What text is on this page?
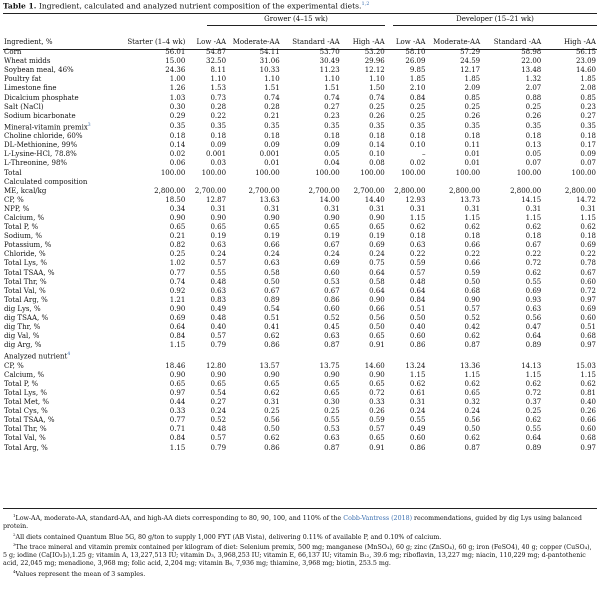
Table 1. Ingredient, calculated and analyzed nutrient composition of the experimental diets.$^{1,2}$
Grower (4–15 wk)	Developer (15–21 wk)
Ingredient, %	Starter (1–4 wk)	Low -AA	Moderate-AA	Standard -AA	High -AA	Low -AA	Moderate-AA	Standard -AA	High -AA
Corn	56.01	54.87	54.11	53.70	53.20	58.10	57.29	58.98	56.15
Wheat midds	15.00	32.50	31.06	30.49	29.96	26.09	24.59	22.00	23.09
Soybean meal, 46%	24.36	8.11	10.33	11.23	12.12	9.85	12.17	13.48	14.60
Poultry fat	1.00	1.10	1.10	1.10	1.10	1.85	1.85	1.32	1.85
Limestone fine	1.26	1.53	1.51	1.51	1.50	2.10	2.09	2.07	2.08
Dicalcium phosphate	1.03	0.73	0.74	0.74	0.74	0.84	0.85	0.88	0.85
Salt (NaCl)	0.30	0.28	0.28	0.27	0.25	0.25	0.25	0.25	0.23
Sodium bicarbonate	0.29	0.22	0.21	0.23	0.26	0.25	0.26	0.26	0.27
Mineral-vitamin premix$^3$	0.35	0.35	0.35	0.35	0.35	0.35	0.35	0.35	0.35
Choline chloride, 60%	0.18	0.18	0.18	0.18	0.18	0.18	0.18	0.18	0.18
DL-Methionine, 99%	0.14	0.09	0.09	0.09	0.14	0.10	0.11	0.13	0.17
L-Lysine-HCl, 78.8%	0.02	0.001	0.001	0.05	0.10	–	0.01	0.05	0.09
L-Threonine, 98%	0.06	0.03	0.01	0.04	0.08	0.02	0.01	0.07	0.07
Total	100.00	100.00	100.00	100.00	100.00	100.00	100.00	100.00	100.00
Calculated composition									
ME, kcal/kg	2,800.00	2,700.00	2,700.00	2,700.00	2,700.00	2,800.00	2,800.00	2,800.00	2,800.00
CP, %	18.50	12.87	13.63	14.00	14.40	12.93	13.73	14.15	14.72
NPP, %	0.34	0.31	0.31	0.31	0.31	0.31	0.31	0.31	0.31
Calcium, %	0.90	0.90	0.90	0.90	0.90	1.15	1.15	1.15	1.15
Total P, %	0.65	0.65	0.65	0.65	0.65	0.62	0.62	0.62	0.62
Sodium, %	0.21	0.19	0.19	0.19	0.19	0.18	0.18	0.18	0.18
Potassium, %	0.82	0.63	0.66	0.67	0.69	0.63	0.66	0.67	0.69
Chloride, %	0.25	0.24	0.24	0.24	0.24	0.22	0.22	0.22	0.22
Total Lys, %	1.02	0.57	0.63	0.69	0.75	0.59	0.66	0.72	0.78
Total TSAA, %	0.77	0.55	0.58	0.60	0.64	0.57	0.59	0.62	0.67
Total Thr, %	0.74	0.48	0.50	0.53	0.58	0.48	0.50	0.55	0.60
Total Val, %	0.92	0.63	0.67	0.67	0.64	0.64	0.68	0.69	0.72
Total Arg, %	1.21	0.83	0.89	0.86	0.90	0.84	0.90	0.93	0.97
dig Lys, %	0.90	0.49	0.54	0.60	0.66	0.51	0.57	0.63	0.69
dig TSAA, %	0.69	0.48	0.51	0.52	0.56	0.50	0.52	0.56	0.60
dig Thr, %	0.64	0.40	0.41	0.45	0.50	0.40	0.42	0.47	0.51
dig Val, %	0.84	0.57	0.62	0.63	0.65	0.60	0.62	0.64	0.68
dig Arg, %	1.15	0.79	0.86	0.87	0.91	0.86	0.87	0.89	0.97
Analyzed nutrient$^4$
CP, %	18.46	12.80	13.57	13.75	14.60	13.24	13.36	14.13	15.03
Calcium, %	0.90	0.90	0.90	0.90	0.90	1.15	1.15	1.15	1.15
Total P, %	0.65	0.65	0.65	0.65	0.65	0.62	0.62	0.62	0.62
Total Lys, %	0.97	0.54	0.62	0.65	0.72	0.61	0.65	0.72	0.81
Total Met, %	0.44	0.27	0.31	0.30	0.33	0.31	0.32	0.37	0.40
Total Cys, %	0.33	0.24	0.25	0.25	0.26	0.24	0.24	0.25	0.26
Total TSAA, %	0.77	0.52	0.56	0.55	0.59	0.55	0.56	0.62	0.66
Total Thr, %	0.71	0.48	0.50	0.53	0.57	0.49	0.50	0.55	0.60
Total Val, %	0.84	0.57	0.62	0.63	0.65	0.60	0.62	0.64	0.68
Total Arg, %	1.15	0.79	0.86	0.87	0.91	0.86	0.87	0.89	0.97

$^1$Low-AA, moderate-AA, standard-AA, and high-AA diets corresponding to 80, 90, 100, and 110% of the Cobb-Vantress (2018) recommendations, guided by dig Lys using balanced protein.

$^2$All diets contained Quantum Blue 5G, 80 g/ton to supply 1,000 FYT (AB Vista), delivering 0.11% of available P, and 0.10% of calcium.

$^3$The trace mineral and vitamin premix contained per kilogram of diet: Selenium premix, 500 mg; manganese (MnSO₄), 60 g; zinc (ZnSO₄), 60 g; iron (FeSO4), 40 g; copper (CuSO₄), 5 g; iodine (Ca[IO₃]₂),1.25 g; vitamin A, 13,227,513 IU; vitamin D₃, 3,968,253 IU; vitamin E, 66,137 IU; vitamin B₁₂, 39.6 mg; riboflavin, 13,227 mg; niacin, 110,229 mg; d-pantothenic acid, 22,045 mg; menadione, 3,968 mg; folic acid, 2,204 mg; vitamin B₆, 7,936 mg; thiamine, 3,968 mg; biotin, 253.5 mg.

$^4$Values represent the mean of 3 samples.
